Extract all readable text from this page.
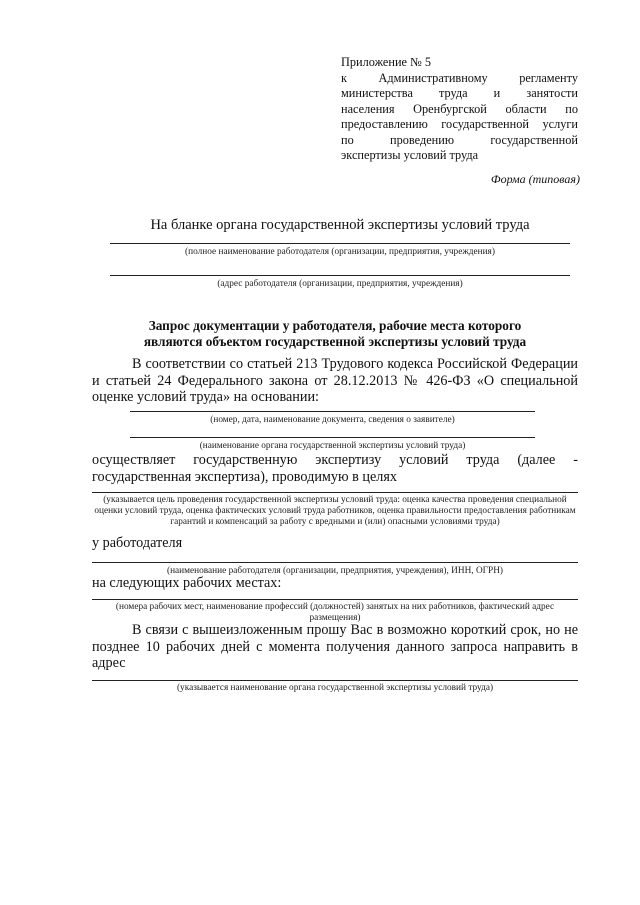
Приложение № 5
к Административному регламенту
министерства труда и занятости
населения Оренбургской области по
предоставлению государственной услуги
по проведению государственной
экспертизы условий труда
Форма (типовая)
На бланке органа государственной экспертизы условий труда
(полное наименование работодателя (организации, предприятия, учреждения)
(адрес работодателя (организации, предприятия, учреждения)
Запрос документации у работодателя, рабочие места которого
являются объектом государственной экспертизы условий труда
В соответствии со статьей 213 Трудового кодекса Российской Федерации и статьей 24 Федерального закона от 28.12.2013 № 426-ФЗ «О специальной оценке условий труда» на основании:
(номер, дата, наименование документа, сведения о заявителе)
(наименование органа государственной экспертизы условий труда)
осуществляет государственную экспертизу условий труда (далее - государственная экспертиза), проводимую в целях
(указывается цель проведения государственной экспертизы условий труда: оценка качества проведения специальной оценки условий труда, оценка фактических условий труда работников, оценка правильности предоставления работникам гарантий и компенсаций за работу с вредными и (или) опасными условиями труда)
у работодателя
(наименование работодателя (организации, предприятия, учреждения), ИНН, ОГРН)
на следующих рабочих местах:
(номера рабочих мест, наименование профессий (должностей) занятых на них работников, фактический адрес размещения)
В связи с вышеизложенным прошу Вас в возможно короткий срок, но не позднее 10 рабочих дней с момента получения данного запроса направить в адрес
(указывается наименование органа государственной экспертизы условий труда)
